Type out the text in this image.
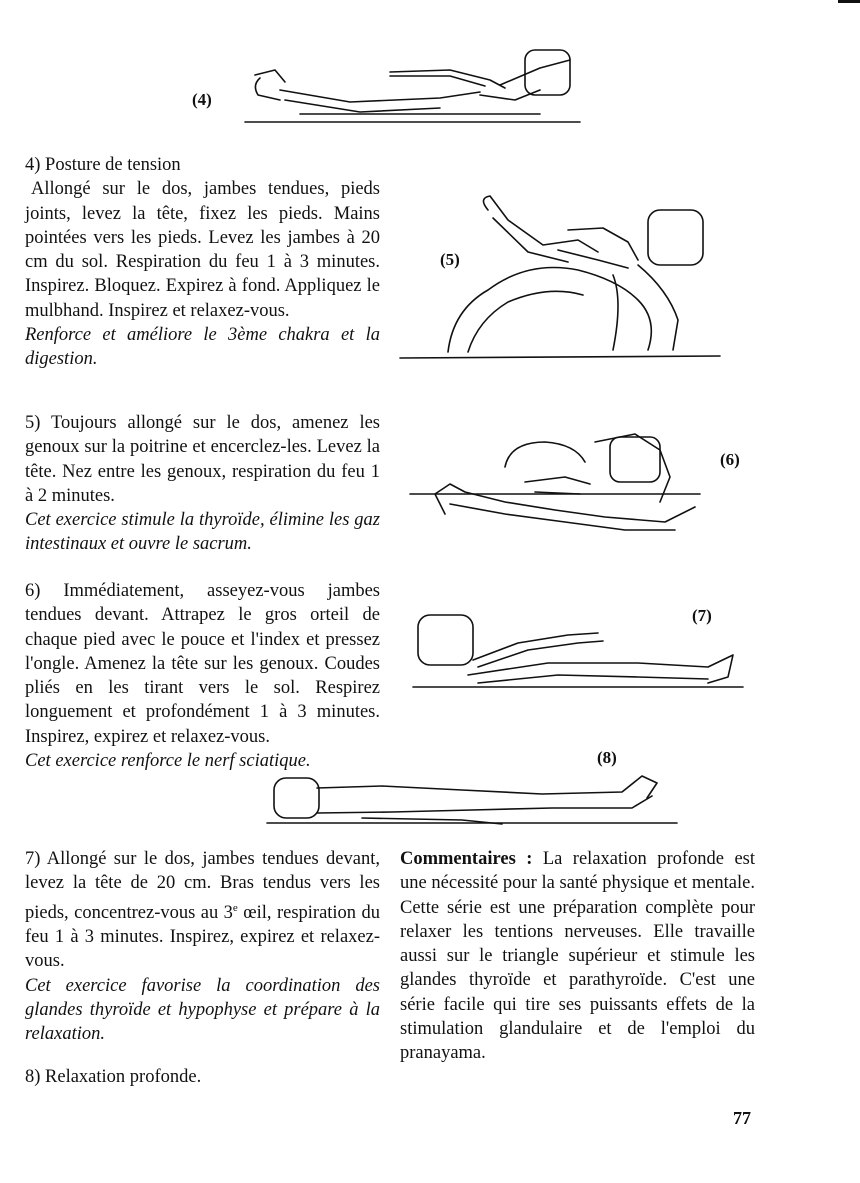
(4)

4) Posture de tension

Allongé sur le dos, jambes tendues, pieds joints, levez la tête, fixez les pieds. Mains pointées vers les pieds. Levez les jambes à 20 cm du sol. Respiration du feu 1 à 3 minutes. Inspirez. Bloquez. Expirez à fond. Appliquez le mulbhand. Inspirez et relaxez-vous.

Renforce et améliore le 3ème chakra et la digestion.

(5)

5) Toujours allongé sur le dos, amenez les genoux sur la poitrine et encerclez-les. Levez la tête. Nez entre les genoux, respiration du feu 1 à 2 minutes.

Cet exercice stimule la thyroïde, élimine les gaz intestinaux et ouvre le sacrum.

(6)

6) Immédiatement, asseyez-vous jambes tendues devant. Attrapez le gros orteil de chaque pied avec le pouce et l'index et pressez l'ongle. Amenez la tête sur les genoux. Coudes pliés en les tirant vers le sol. Respirez longuement et profondément 1 à 3 minutes. Inspirez, expirez et relaxez-vous.

Cet exercice renforce le nerf sciatique.

(7)
(8)

7) Allongé sur le dos, jambes tendues devant, levez la tête de 20 cm. Bras tendus vers les pieds, concentrez-vous au 3e œil, respiration du feu 1 à 3 minutes. Inspirez, expirez et relaxez-vous.

Cet exercice favorise la coordination des glandes thyroïde et hypophyse et prépare à la relaxation.

8) Relaxation profonde.

Commentaires : La relaxation profonde est une nécessité pour la santé physique et mentale. Cette série est une préparation complète pour relaxer les tentions nerveuses. Elle travaille aussi sur le triangle supérieur et stimule les glandes thyroïde et parathyroïde. C'est une série facile qui tire ses puissants effets de la stimulation glandulaire et de l'emploi du pranayama.

77
